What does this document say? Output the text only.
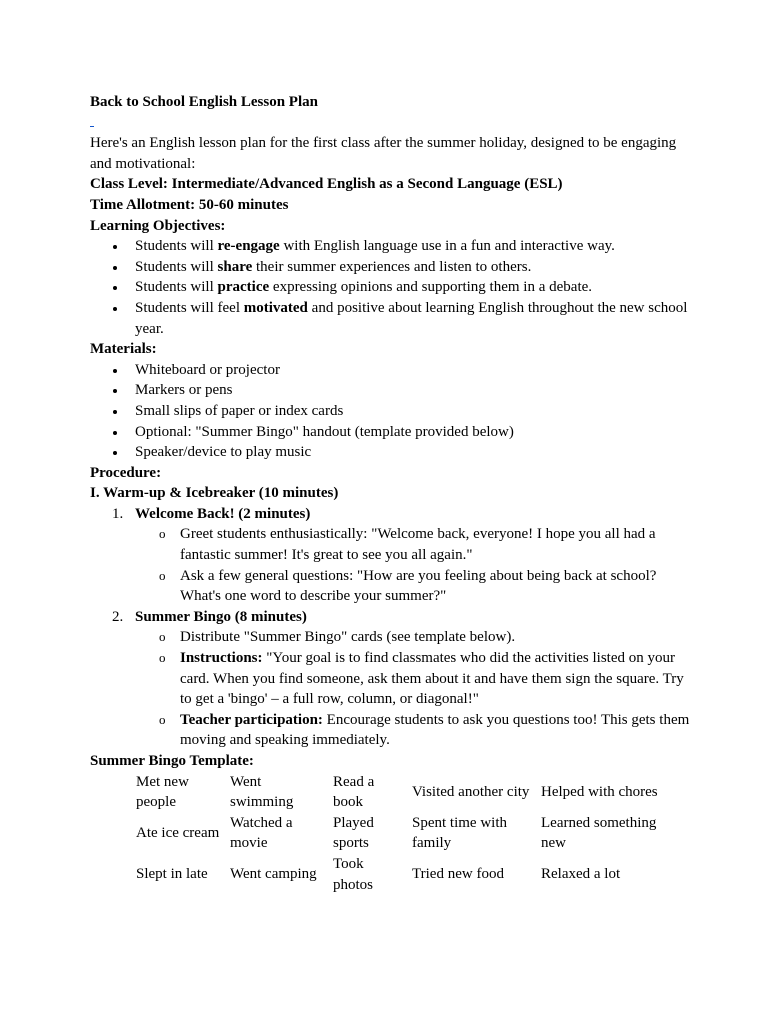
Back to School English Lesson Plan

Here's an English lesson plan for the first class after the summer holiday, designed to be engaging and motivational:

Class Level: Intermediate/Advanced English as a Second Language (ESL)

Time Allotment: 50-60 minutes

Learning Objectives:

Students will re-engage with English language use in a fun and interactive way.
Students will share their summer experiences and listen to others.
Students will practice expressing opinions and supporting them in a debate.
Students will feel motivated and positive about learning English throughout the new school year.

Materials:

Whiteboard or projector
Markers or pens
Small slips of paper or index cards
Optional: "Summer Bingo" handout (template provided below)
Speaker/device to play music

Procedure:

I. Warm-up & Icebreaker (10 minutes)

1. Welcome Back! (2 minutes)
o Greet students enthusiastically: "Welcome back, everyone! I hope you all had a fantastic summer! It's great to see you all again."
o Ask a few general questions: "How are you feeling about being back at school? What's one word to describe your summer?"
2. Summer Bingo (8 minutes)
o Distribute "Summer Bingo" cards (see template below).
o Instructions: "Your goal is to find classmates who did the activities listed on your card. When you find someone, ask them about it and have them sign the square. Try to get a 'bingo' – a full row, column, or diagonal!"
o Teacher participation: Encourage students to ask you questions too! This gets them moving and speaking immediately.

Summer Bingo Template:

Met new people	Went swimming	Read a book	Visited another city	Helped with chores
Ate ice cream	Watched a movie	Played sports	Spent time with family	Learned something new
Slept in late	Went camping	Took photos	Tried new food	Relaxed a lot
